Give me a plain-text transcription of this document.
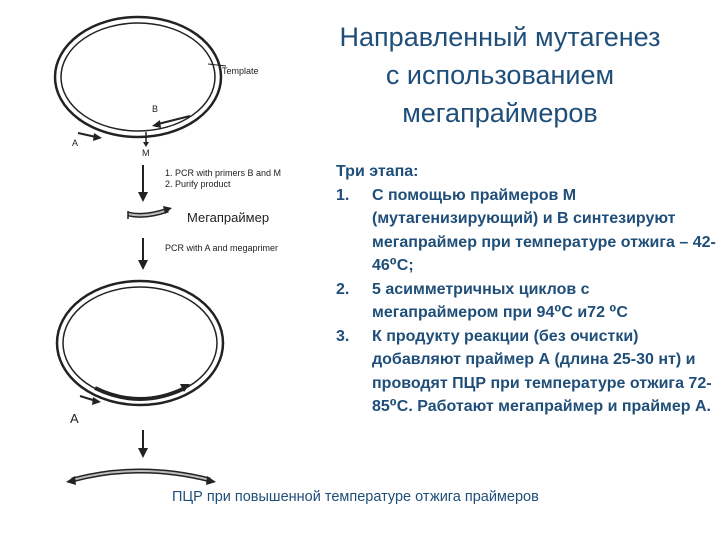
Template
B
A
M
1. PCR with primers B and M
2. Purify product
Мегапраймер
PCR with A and megaprimer
A
Направленный мутагенез
с использованием
мегапраймеров
Три этапа:
1. С помощью праймеров М (мутагенизирующий) и В синтезируют мегапраймер при температуре отжига – 42-46⁰С;
2. 5 асимметричных циклов с мегапраймером при 94⁰С и72 ⁰С
3. К продукту реакции (без очистки) добавляют праймер А (длина 25-30 нт) и проводят ПЦР при температуре отжига 72-85⁰С. Работают мегапраймер и праймер А.
ПЦР при повышенной температуре отжига праймеров
